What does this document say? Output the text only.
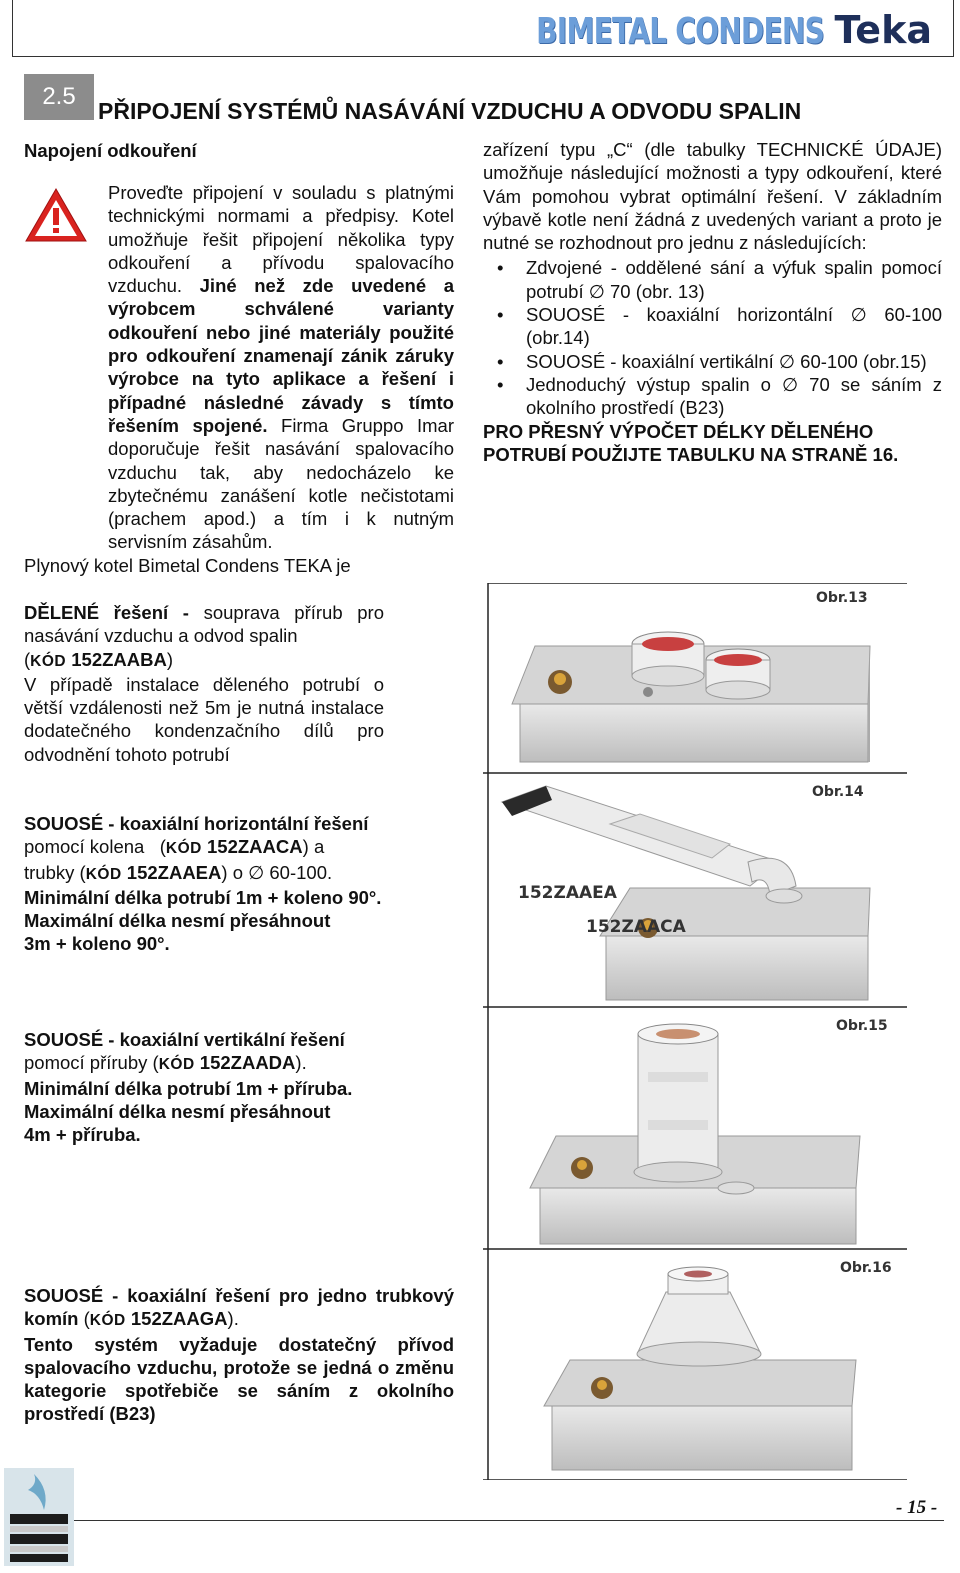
BIMETAL CONDENS Teka
2.5
PŘIPOJENÍ SYSTÉMŮ NASÁVÁNÍ VZDUCHU A ODVODU SPALIN
Napojení odkouření

Proveďte připojení v souladu s platnými technickými normami a předpisy. Kotel umožňuje řešit připojení několika typy odkouření a přívodu spalovacího vzduchu. Jiné než zde uvedené a výrobcem schválené varianty odkouření nebo jiné materiály použité pro odkouření znamenají zánik záruky výrobce na tyto aplikace a řešení i případné následné závady s tímto řešením spojené. Firma Gruppo Imar doporučuje řešit nasávání spalovacího vzduchu tak, aby nedocházelo ke zbytečnému zanášení kotle nečistotami (prachem apod.) a tím i k nutným servisním zásahům.

Plynový kotel Bimetal Condens TEKA je

zařízení typu „C“ (dle tabulky TECHNICKÉ ÚDAJE) umožňuje následující možnosti a typy odkouření, které Vám pomohou vybrat optimální řešení. V základním výbavě kotle není žádná z uvedených variant a proto je nutné se rozhodnout pro jednu z následujících:

• Zdvojené - oddělené sání a výfuk spalin pomocí potrubí ∅ 70 (obr. 13)
• SOUOSÉ - koaxiální horizontální ∅ 60-100 (obr.14)
• SOUOSÉ - koaxiální vertikální ∅ 60-100 (obr.15)
• Jednoduchý výstup spalin o ∅ 70 se sáním z okolního prostředí (B23)

PRO PŘESNÝ VÝPOČET DÉLKY DĚLENÉHO POTRUBÍ POUŽIJTE TABULKU NA STRANĚ 16.

DĚLENÉ řešení - souprava přírub pro nasávání vzduchu a odvod spalin
(KÓD 152ZAABA)

V případě instalace děleného potrubí o větší vzdálenosti než 5m je nutná instalace dodatečného kondenzačního dílů pro odvodnění tohoto potrubí

SOUOSÉ - koaxiální horizontální řešení

pomocí kolena   (KÓD 152ZAACA) a

trubky (KÓD 152ZAAEA) o ∅ 60-100.

Minimální délka potrubí 1m + koleno 90°.

Maximální délka nesmí přesáhnout

3m + koleno 90°.

SOUOSÉ - koaxiální vertikální řešení

pomocí příruby (KÓD 152ZAADA).

Minimální délka potrubí 1m + příruba.

Maximální délka nesmí přesáhnout

4m + příruba.

SOUOSÉ - koaxiální řešení pro jedno trubkový komín (KÓD 152ZAAGA).

Tento systém vyžaduje dostatečný přívod spalovacího vzduchu, protože se jedná o změnu kategorie spotřebiče se sáním z okolního prostředí (B23)

Obr.13
152ZAAEA
152ZAACA
Obr.14
Obr.15
Obr.16
- 15 -
